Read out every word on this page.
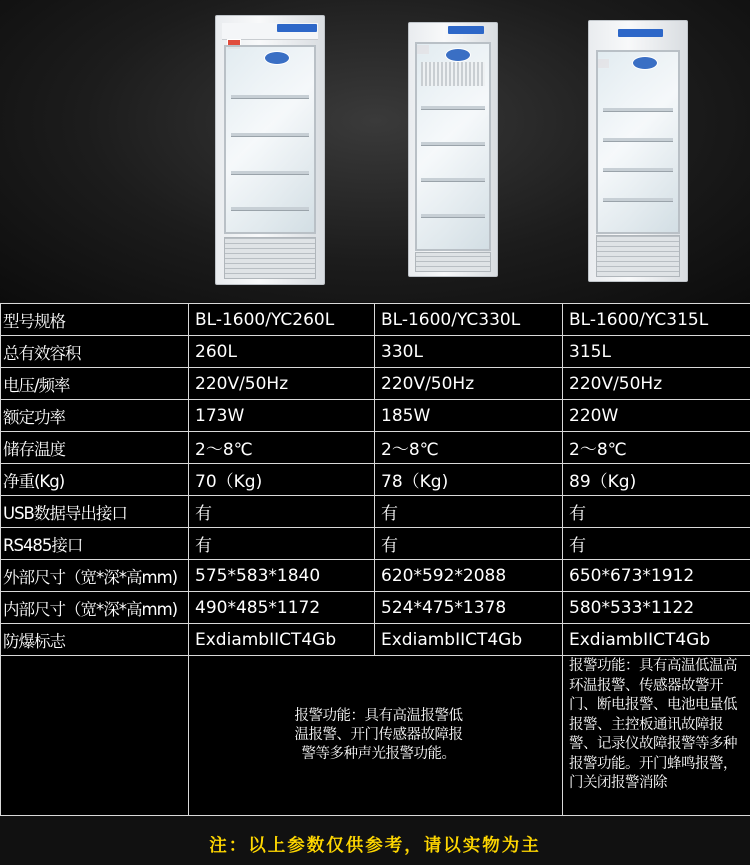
型号规格	BL-1600/YC260L	BL-1600/YC330L	BL-1600/YC315L
总有效容积	260L	330L	315L
电压/频率	220V/50Hz	220V/50Hz	220V/50Hz
额定功率	173W	185W	220W
储存温度	2～8℃	2～8℃	2～8℃
净重(Kg)	70（Kg)	78（Kg)	89（Kg)
USB数据导出接口	有	有	有
RS485接口	有	有	有
外部尺寸（宽*深*高mm)	575*583*1840	620*592*2088	650*673*1912
内部尺寸（宽*深*高mm)	490*485*1172	524*475*1378	580*533*1122
防爆标志	ExdiambIICT4Gb	ExdiambIICT4Gb	ExdiambIICT4Gb

	报警功能：具有高温报警低温报警、开门传感器故障报警等多种声光报警功能。		报警功能：具有高温低温高环温报警、传感器故警开门、断电报警、电池电量低报警、主控板通讯故障报警、记录仪故障报警等多种报警功能。开门蜂鸣报警，门关闭报警消除
注：以上参数仅供参考，请以实物为主
